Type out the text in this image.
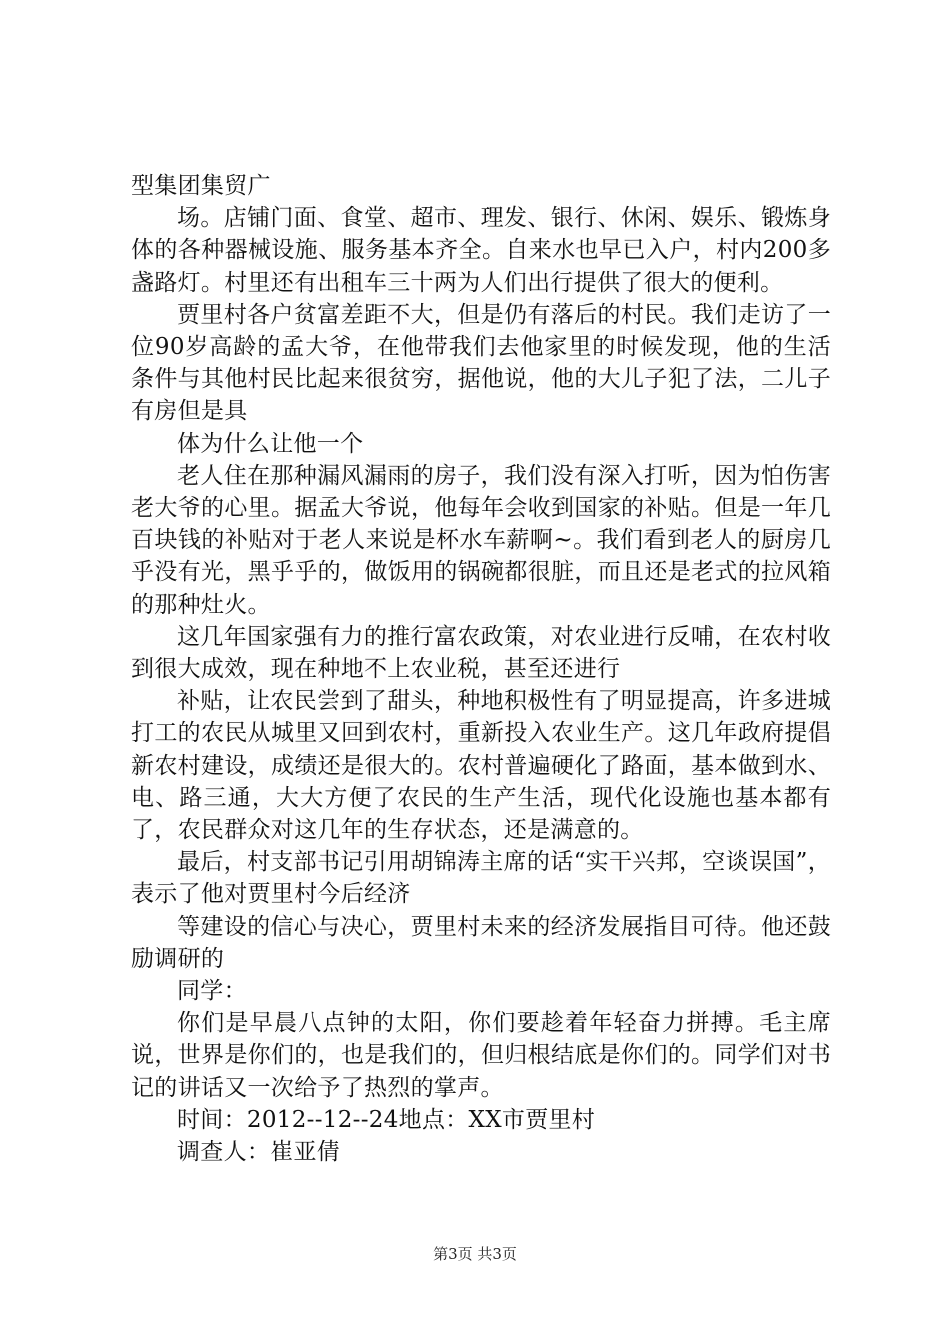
型集团集贸广

场。店铺门面、食堂、超市、理发、银行、休闲、娱乐、锻炼身体的各种器械设施、服务基本齐全。自来水也早已入户，村内200多盏路灯。村里还有出租车三十两为人们出行提供了很大的便利。

贾里村各户贫富差距不大，但是仍有落后的村民。我们走访了一位90岁高龄的孟大爷，在他带我们去他家里的时候发现，他的生活条件与其他村民比起来很贫穷，据他说，他的大儿子犯了法，二儿子有房但是具

体为什么让他一个

老人住在那种漏风漏雨的房子，我们没有深入打听，因为怕伤害老大爷的心里。据孟大爷说，他每年会收到国家的补贴。但是一年几百块钱的补贴对于老人来说是杯水车薪啊~。我们看到老人的厨房几乎没有光，黑乎乎的，做饭用的锅碗都很脏，而且还是老式的拉风箱的那种灶火。

这几年国家强有力的推行富农政策，对农业进行反哺，在农村收到很大成效，现在种地不上农业税，甚至还进行

补贴，让农民尝到了甜头，种地积极性有了明显提高，许多进城打工的农民从城里又回到农村，重新投入农业生产。这几年政府提倡新农村建设，成绩还是很大的。农村普遍硬化了路面，基本做到水、电、路三通，大大方便了农民的生产生活，现代化设施也基本都有了，农民群众对这几年的生存状态，还是满意的。

最后，村支部书记引用胡锦涛主席的话“实干兴邦，空谈误国”，表示了他对贾里村今后经济

等建设的信心与决心，贾里村未来的经济发展指目可待。他还鼓励调研的

同学：

你们是早晨八点钟的太阳，你们要趁着年轻奋力拼搏。毛主席说，世界是你们的，也是我们的，但归根结底是你们的。同学们对书记的讲话又一次给予了热烈的掌声。

时间：2012--12--24地点：XX市贾里村

调查人：崔亚倩

第3页 共3页
